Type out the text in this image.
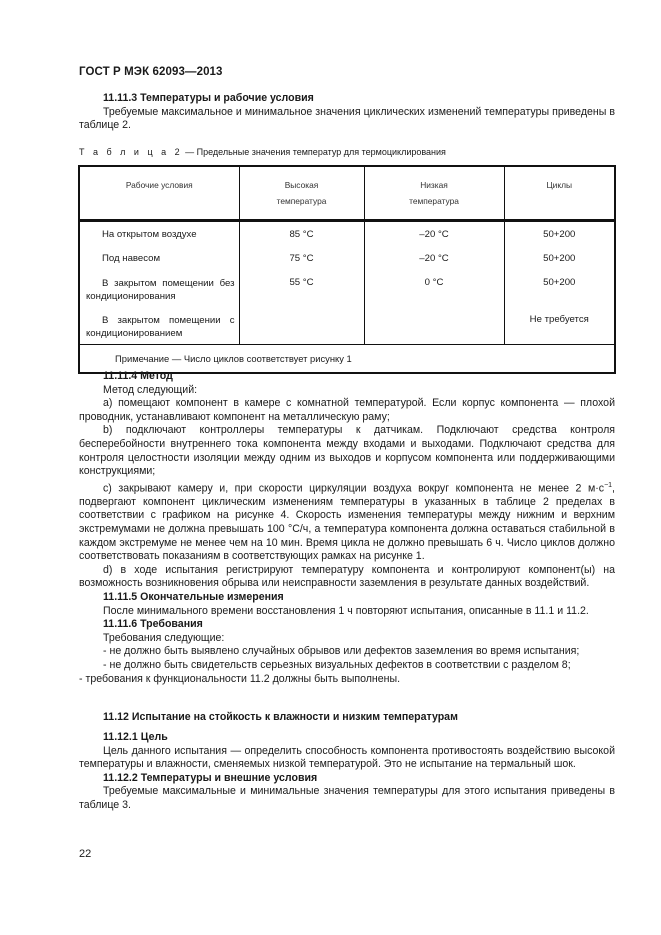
ГОСТ Р МЭК 62093—2013

11.11.3 Температуры и рабочие условия

Требуемые максимальное и минимальное значения циклических изменений температуры приведены в таблице 2.

Т а б л и ц а 2 — Предельные значения температур для термоциклирования
Рабочие условия	Высокая температура	Низкая температура	Циклы
На открытом воздухе	85 °C	–20 °C	50+200
Под навесом	75 °C	–20 °C	50+200

В закрытом помещении без кондиционирования	55 °C	0 °C	50+200

В закрытом помещении с кондиционированием			Не требуется
Примечание — Число циклов соответствует рисунку 1			

11.11.4 Метод

Метод следующий:

а) помещают компонент в камере с комнатной температурой. Если корпус компонента — плохой проводник, устанавливают компонент на металлическую раму;

b) подключают контроллеры температуры к датчикам. Подключают средства контроля бесперебойности внутреннего тока компонента между входами и выходами. Подключают средства для контроля целостности изоляции между одним из выходов и корпусом компонента или поддерживающими конструкциями;

с) закрывают камеру и, при скорости циркуляции воздуха вокруг компонента не менее 2 $м\cdot с^{-1}$, подвергают компонент циклическим изменениям температуры в указанных в таблице 2 пределах в соответствии с графиком на рисунке 4. Скорость изменения температуры между нижним и верхним экстремумами не должна превышать 100 °С/ч, а температура компонента должна оставаться стабильной в каждом экстремуме не менее чем на 10 мин. Время цикла не должно превышать 6 ч. Число циклов должно соответствовать показаниям в соответствующих рамках на рисунке 1.

d) в ходе испытания регистрируют температуру компонента и контролируют компонент(ы) на возможность возникновения обрыва или неисправности заземления в результате данных воздействий.

11.11.5 Окончательные измерения

После минимального времени восстановления 1 ч повторяют испытания, описанные в 11.1 и 11.2.

11.11.6 Требования

Требования следующие:

- не должно быть выявлено случайных обрывов или дефектов заземления во время испытания;

- не должно быть свидетельств серьезных визуальных дефектов в соответствии с разделом 8;

- требования к функциональности 11.2 должны быть выполнены.

11.12 Испытание на стойкость к влажности и низким температурам

11.12.1 Цель

Цель данного испытания — определить способность компонента противостоять воздействию высокой температуры и влажности, сменяемых низкой температурой. Это не испытание на термальный шок.

11.12.2 Температуры и внешние условия

Требуемые максимальные и минимальные значения температуры для этого испытания приведены в таблице 3.

22
